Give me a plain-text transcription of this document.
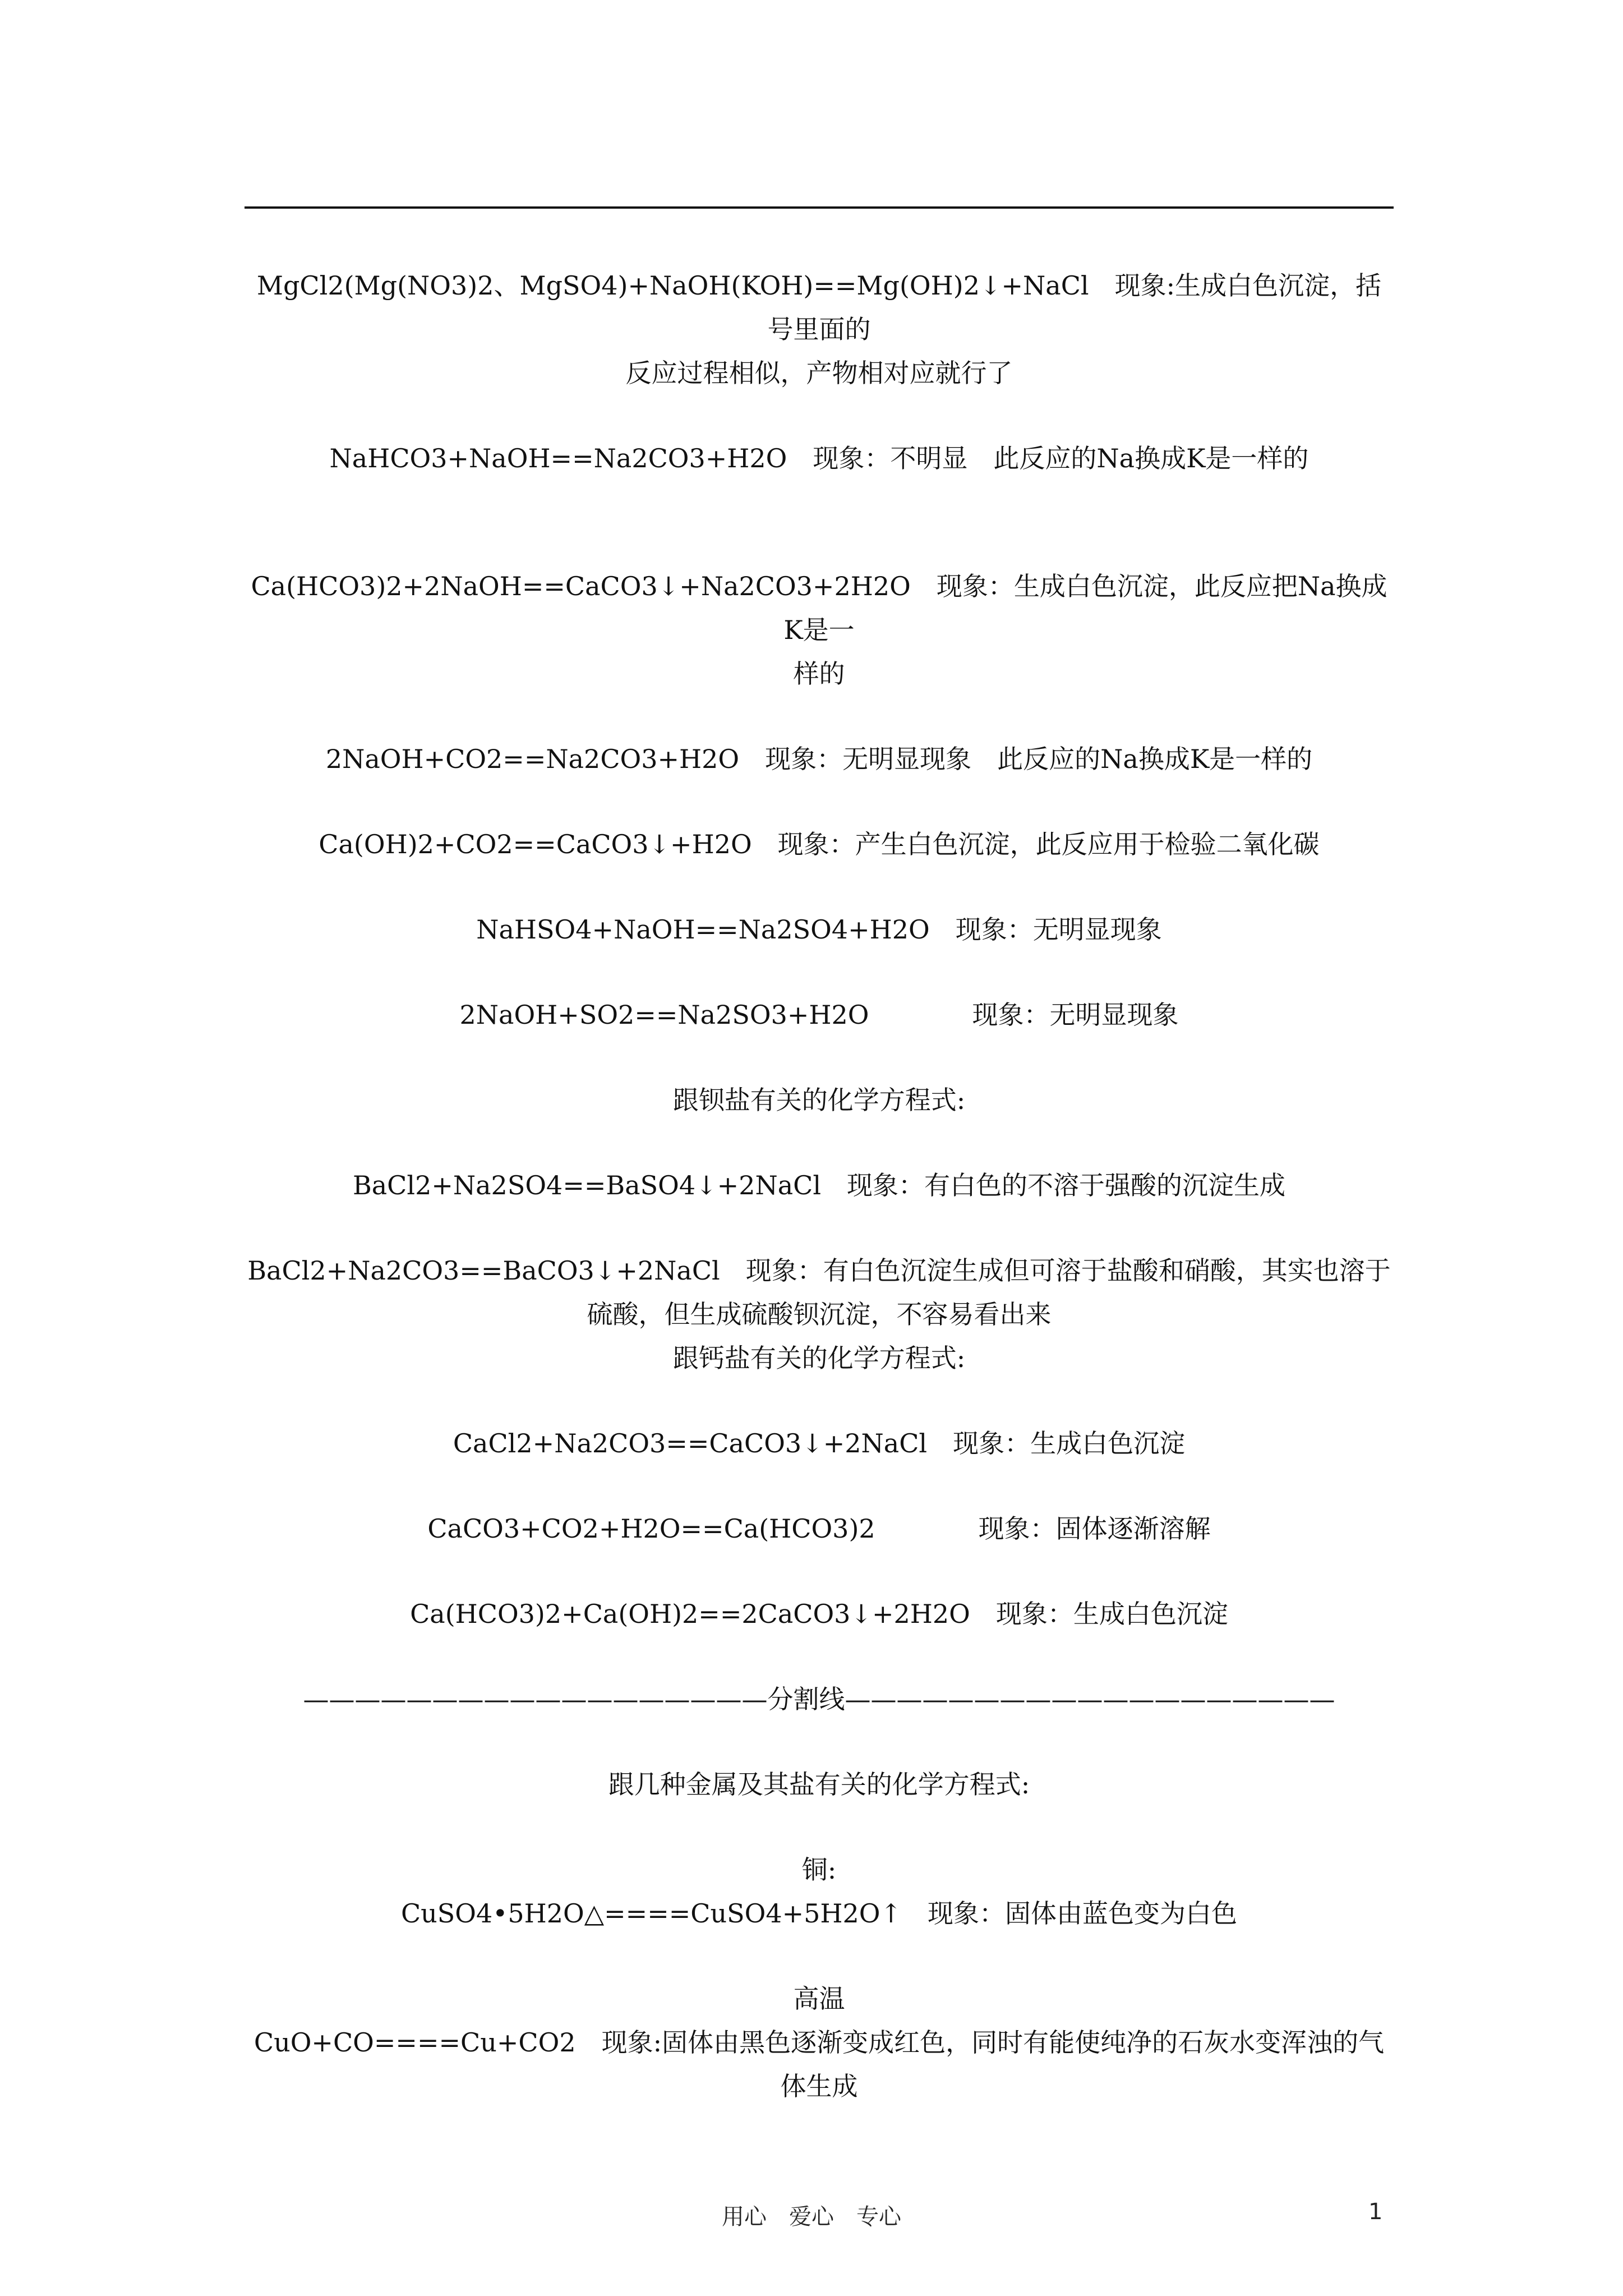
MgCl2(Mg(NO3)2、MgSO4)+NaOH(KOH)==Mg(OH)2↓+NaCl　现象:生成白色沉淀，括号里面的
反应过程相似，产物相对应就行了

NaHCO3+NaOH==Na2CO3+H2O　现象：不明显　此反应的Na换成K是一样的

Ca(HCO3)2+2NaOH==CaCO3↓+Na2CO3+2H2O　现象：生成白色沉淀，此反应把Na换成K是一
样的

2NaOH+CO2==Na2CO3+H2O　现象：无明显现象　此反应的Na换成K是一样的

Ca(OH)2+CO2==CaCO3↓+H2O　现象：产生白色沉淀，此反应用于检验二氧化碳

NaHSO4+NaOH==Na2SO4+H2O　现象：无明显现象

2NaOH+SO2==Na2SO3+H2O　　　　现象：无明显现象

跟钡盐有关的化学方程式:

BaCl2+Na2SO4==BaSO4↓+2NaCl　现象：有白色的不溶于强酸的沉淀生成

BaCl2+Na2CO3==BaCO3↓+2NaCl　现象：有白色沉淀生成但可溶于盐酸和硝酸，其实也溶于
硫酸，但生成硫酸钡沉淀，不容易看出来

跟钙盐有关的化学方程式:

CaCl2+Na2CO3==CaCO3↓+2NaCl　现象：生成白色沉淀

CaCO3+CO2+H2O==Ca(HCO3)2　　　　现象：固体逐渐溶解

Ca(HCO3)2+Ca(OH)2==2CaCO3↓+2H2O　现象：生成白色沉淀

——————————————————分割线———————————————————

跟几种金属及其盐有关的化学方程式:

铜:

CuSO4•5H2O△====CuSO4+5H2O↑　现象：固体由蓝色变为白色

高温

CuO+CO====Cu+CO2　现象:固体由黑色逐渐变成红色，同时有能使纯净的石灰水变浑浊的气
体生成

用心　爱心　专心	1
